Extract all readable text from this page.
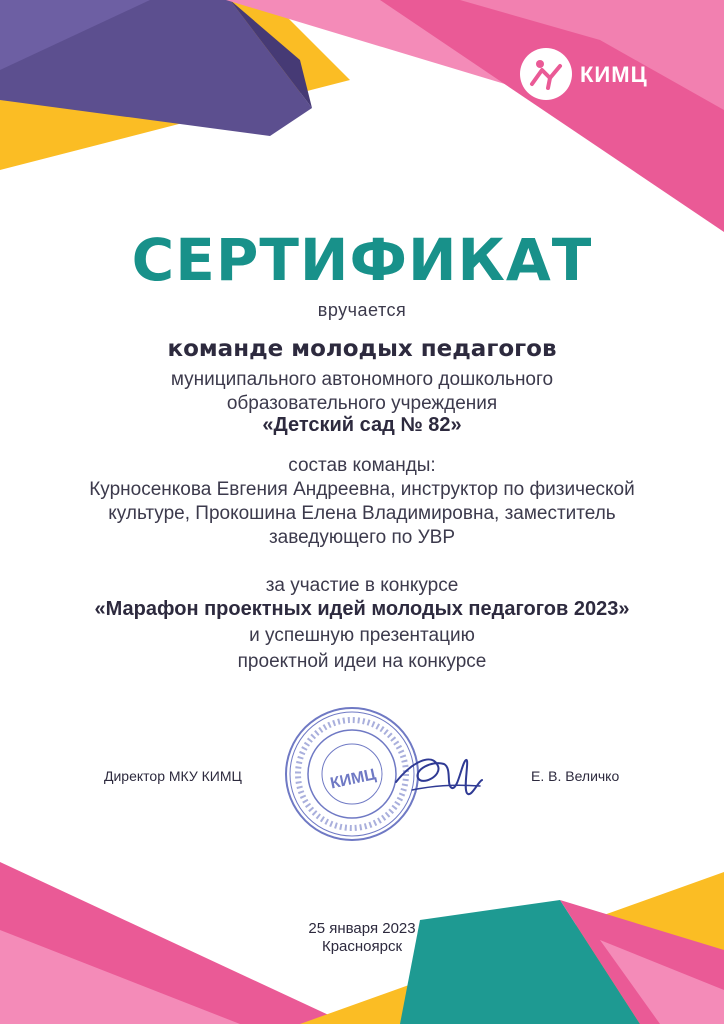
КИМЦ
СЕРТИФИКАТ
вручается
команде молодых педагогов
муниципального автономного дошкольного
образовательного учреждения
«Детский сад № 82»
состав команды:
Курносенкова Евгения Андреевна, инструктор по физической
культуре, Прокошина Елена Владимировна, заместитель
заведующего по УВР
за участие в конкурсе
«Марафон проектных идей молодых педагогов 2023»
и успешную презентацию
проектной идеи на конкурсе
Директор МКУ КИМЦ	КИМЦ	Е. В. Величко
25 января 2023
Красноярск
